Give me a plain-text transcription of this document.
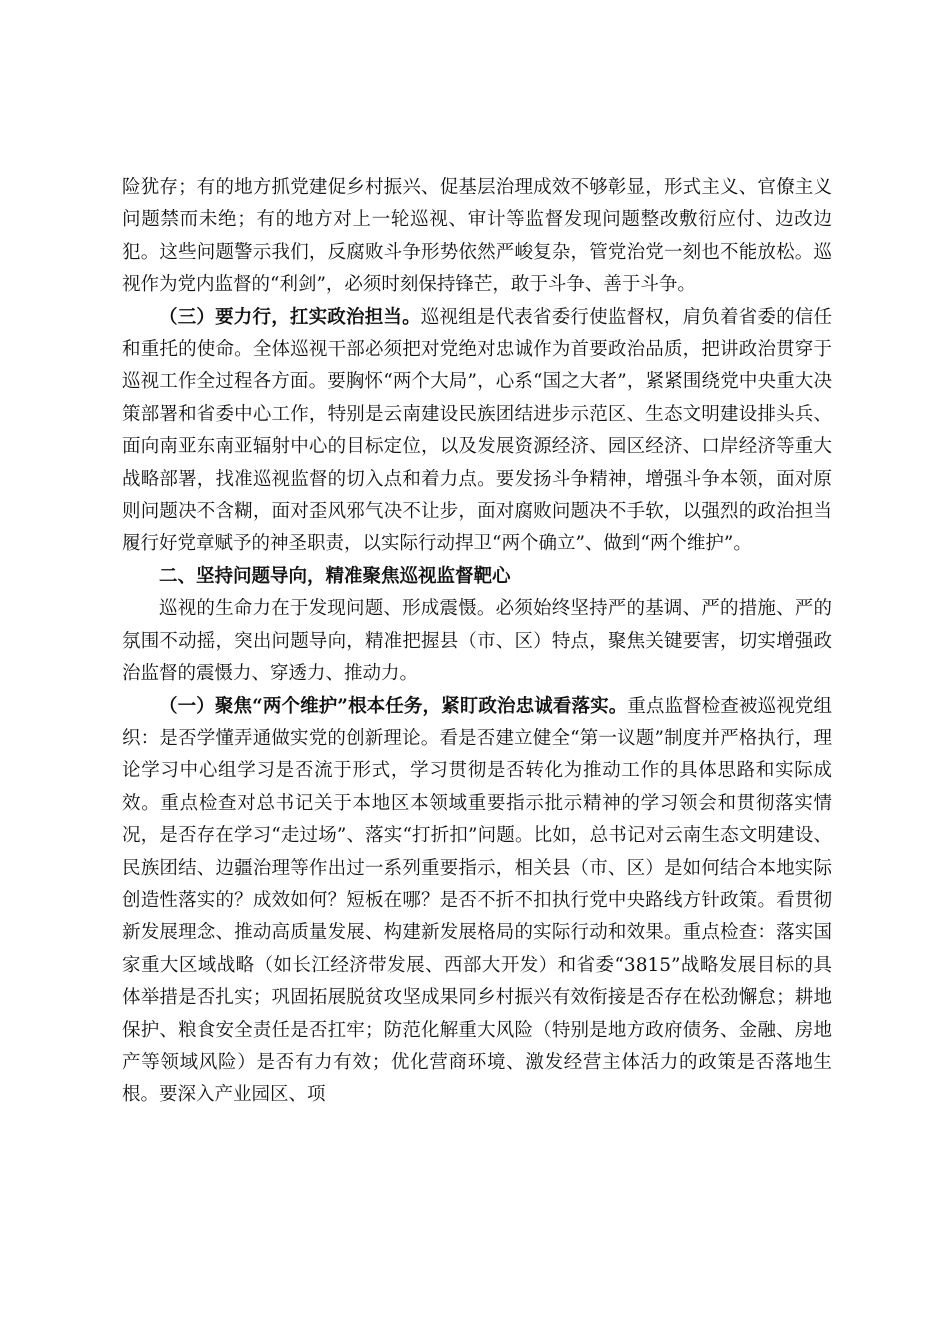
险犹存；有的地方抓党建促乡村振兴、促基层治理成效不够彰显，形式主义、官僚主义问题禁而未绝；有的地方对上一轮巡视、审计等监督发现问题整改敷衍应付、边改边犯。这些问题警示我们，反腐败斗争形势依然严峻复杂，管党治党一刻也不能放松。巡视作为党内监督的“利剑”，必须时刻保持锋芒，敢于斗争、善于斗争。

（三）要力行，扛实政治担当。巡视组是代表省委行使监督权，肩负着省委的信任和重托的使命。全体巡视干部必须把对党绝对忠诚作为首要政治品质，把讲政治贯穿于巡视工作全过程各方面。要胸怀“两个大局”，心系“国之大者”，紧紧围绕党中央重大决策部署和省委中心工作，特别是云南建设民族团结进步示范区、生态文明建设排头兵、面向南亚东南亚辐射中心的目标定位，以及发展资源经济、园区经济、口岸经济等重大战略部署，找准巡视监督的切入点和着力点。要发扬斗争精神，增强斗争本领，面对原则问题决不含糊，面对歪风邪气决不让步，面对腐败问题决不手软，以强烈的政治担当履行好党章赋予的神圣职责，以实际行动捍卫“两个确立”、做到“两个维护”。

二、坚持问题导向，精准聚焦巡视监督靶心

巡视的生命力在于发现问题、形成震慑。必须始终坚持严的基调、严的措施、严的氛围不动摇，突出问题导向，精准把握县（市、区）特点，聚焦关键要害，切实增强政治监督的震慑力、穿透力、推动力。

（一）聚焦“两个维护”根本任务，紧盯政治忠诚看落实。重点监督检查被巡视党组织：是否学懂弄通做实党的创新理论。看是否建立健全“第一议题”制度并严格执行，理论学习中心组学习是否流于形式，学习贯彻是否转化为推动工作的具体思路和实际成效。重点检查对总书记关于本地区本领域重要指示批示精神的学习领会和贯彻落实情况，是否存在学习“走过场”、落实“打折扣”问题。比如，总书记对云南生态文明建设、民族团结、边疆治理等作出过一系列重要指示，相关县（市、区）是如何结合本地实际创造性落实的？成效如何？短板在哪？是否不折不扣执行党中央路线方针政策。看贯彻新发展理念、推动高质量发展、构建新发展格局的实际行动和效果。重点检查：落实国家重大区域战略（如长江经济带发展、西部大开发）和省委“3815”战略发展目标的具体举措是否扎实；巩固拓展脱贫攻坚成果同乡村振兴有效衔接是否存在松劲懈怠；耕地保护、粮食安全责任是否扛牢；防范化解重大风险（特别是地方政府债务、金融、房地产等领域风险）是否有力有效；优化营商环境、激发经营主体活力的政策是否落地生根。要深入产业园区、项
